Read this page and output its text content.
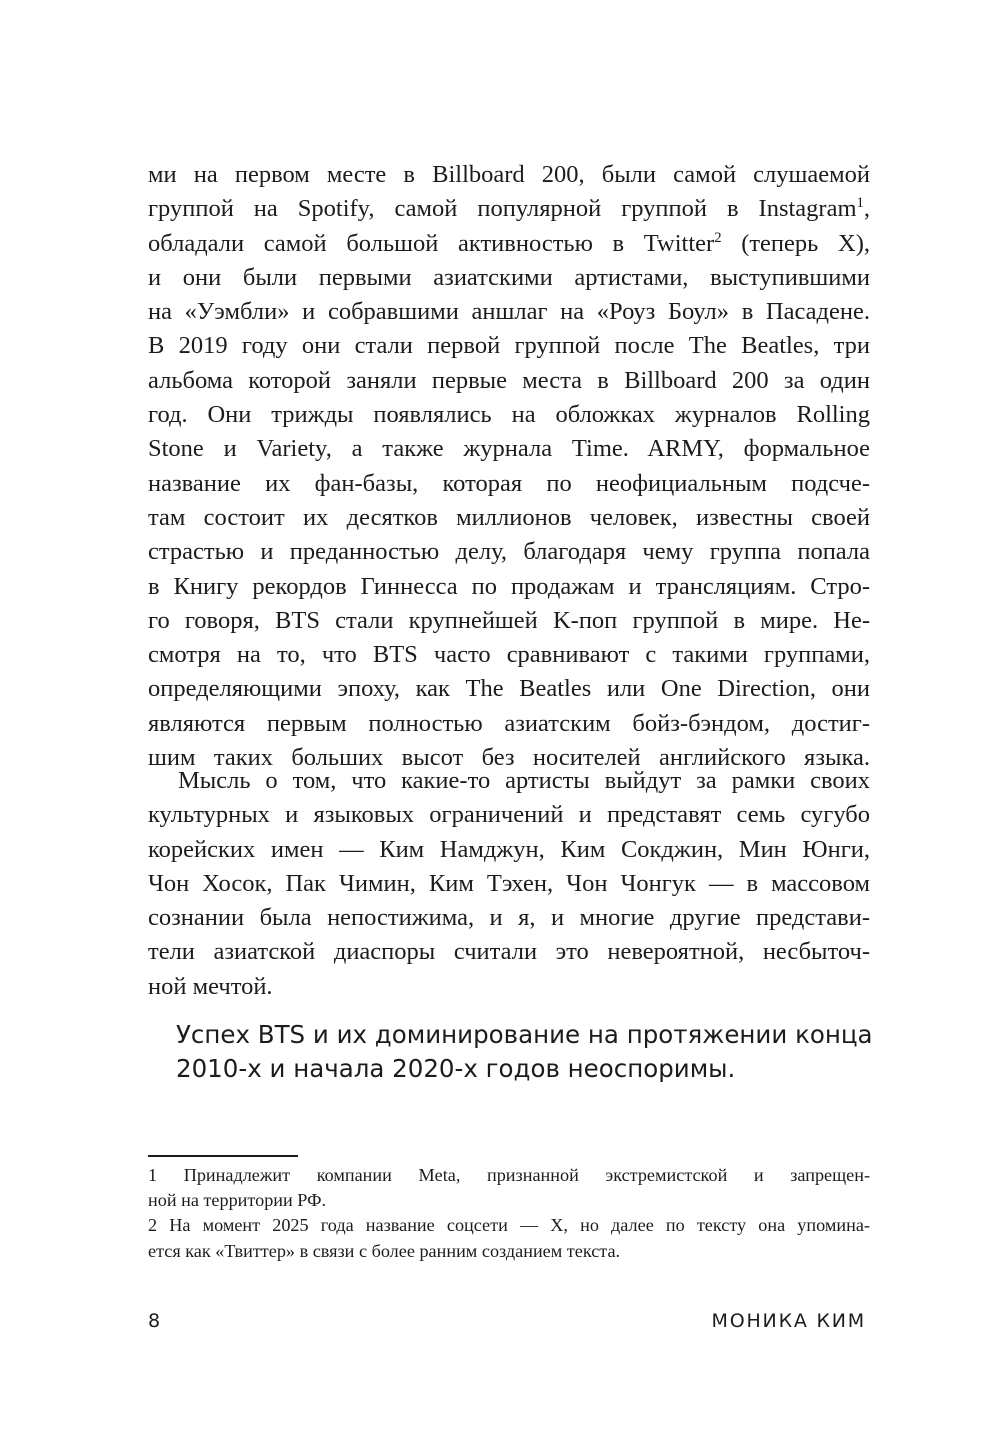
ми на первом месте в Billboard 200, были самой слушаемой
группой на Spotify, самой популярной группой в Instagram$^1$,
обладали самой большой активностью в Twitter$^2$ (теперь X),
и они были первыми азиатскими артистами, выступившими
на «Уэмбли» и собравшими аншлаг на «Роуз Боул» в Пасадене.
В 2019 году они стали первой группой после The Beatles, три
альбома которой заняли первые места в Billboard 200 за один
год. Они трижды появлялись на обложках журналов Rolling
Stone и Variety, а также журнала Time. ARMY, формальное
название их фан-базы, которая по неофициальным подсче-
там состоит их десятков миллионов человек, известны своей
страстью и преданностью делу, благодаря чему группа попала
в Книгу рекордов Гиннесса по продажам и трансляциям. Стро-
го говоря, BTS стали крупнейшей K-поп группой в мире. Не-
смотря на то, что BTS часто сравнивают с такими группами,
определяющими эпоху, как The Beatles или One Direction, они
являются первым полностью азиатским бойз-бэндом, достиг-
шим таких больших высот без носителей английского языка.
Мысль о том, что какие-то артисты выйдут за рамки своих
культурных и языковых ограничений и представят семь сугубо
корейских имен — Ким Намджун, Ким Сокджин, Мин Юнги,
Чон Хосок, Пак Чимин, Ким Тэхен, Чон Чонгук — в массовом
сознании была непостижима, и я, и многие другие представи-
тели азиатской диаспоры считали это невероятной, несбыточ-
ной мечтой.
Успех BTS и их доминирование на протяжении конца
2010-х и начала 2020-х годов неоспоримы.
1 Принадлежит компании Meta, признанной экстремистской и запрещен-
ной на территории РФ.
2 На момент 2025 года название соцсети — X, но далее по тексту она упомина-
ется как «Твиттер» в связи с более ранним созданием текста.
8	МОНИКА КИМ
